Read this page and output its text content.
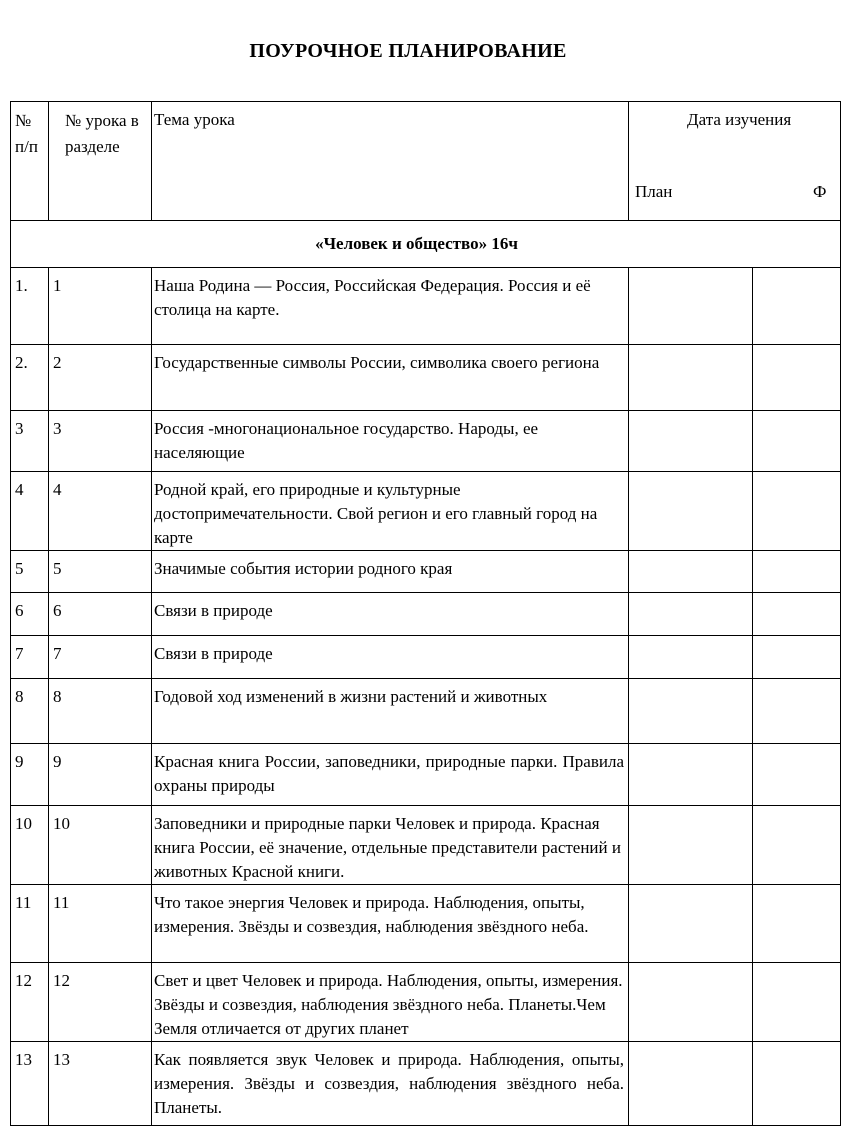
ПОУРОЧНОЕ ПЛАНИРОВАНИЕ
№ п/п	№ урока в разделе	Тема урока	Дата изучения
План Ф	

«Человек и общество» 16ч				
1.	1	Наша Родина — Россия, Российская Федерация. Россия и её столица на карте.		
2.	2	Государственные символы России, символика своего региона		
3	3	Россия -многонациональное государство. Народы, ее населяющие		
4	4	Родной край, его природные и культурные достопримечательности. Свой регион и его главный город на карте		
5	5	Значимые события истории родного края		
6	6	Связи в природе		
7	7	Связи в природе		
8	8	Годовой ход изменений в жизни растений и животных		
9	9	Красная книга России, заповедники, природные парки. Правила охраны природы		
10	10	Заповедники и природные парки Человек и природа. Красная книга России, её значение, отдельные представители растений и животных Красной книги.		
11	11	Что такое энергия Человек и природа. Наблюдения, опыты, измерения. Звёзды и созвездия, наблюдения звёздного неба.		
12	12	Свет и цвет Человек и природа. Наблюдения, опыты, измерения. Звёзды и созвездия, наблюдения звёздного неба. Планеты.Чем Земля отличается от других планет		
13	13	Как появляется звук Человек и природа. Наблюдения, опыты, измерения. Звёзды и созвездия, наблюдения звёздного неба. Планеты.		
